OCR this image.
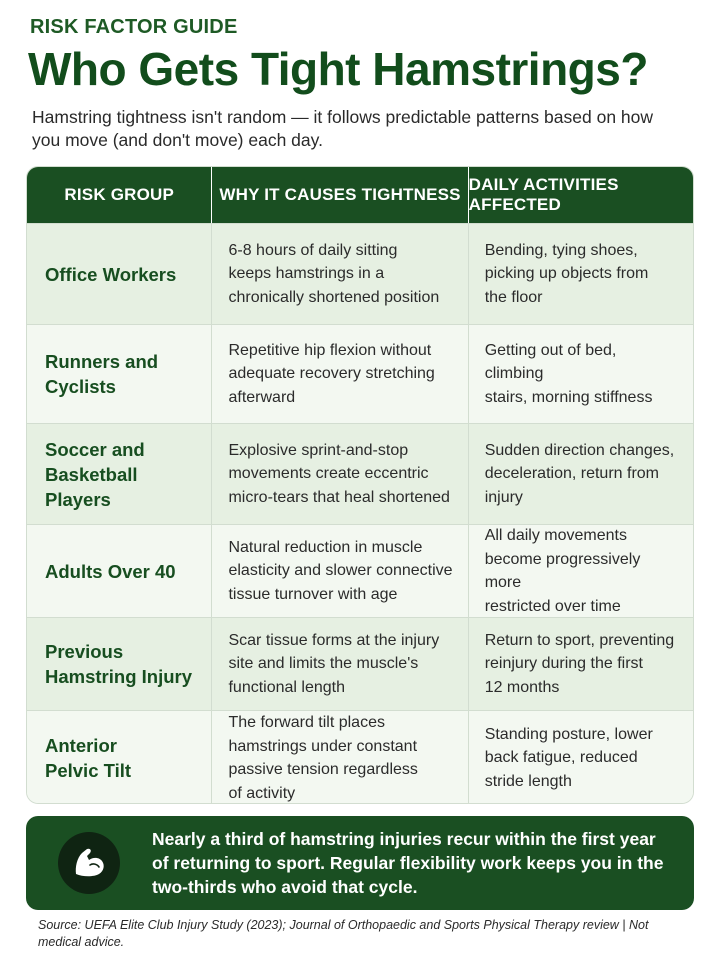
RISK FACTOR GUIDE
Who Gets Tight Hamstrings?

Hamstring tightness isn't random — it follows predictable patterns based on how you move (and don't move) each day.

RISK GROUP	WHY IT CAUSES TIGHTNESS
DAILY ACTIVITIES AFFECTED
Office Workers
6-8 hours of daily sitting
keeps hamstrings in a
chronically shortened position
Bending, tying shoes,
picking up objects from
the floor
Runners and Cyclists
Repetitive hip flexion without
adequate recovery stretching
afterward
Getting out of bed, climbing
stairs, morning stiffness
Soccer and
Basketball Players
Explosive sprint-and-stop
movements create eccentric
micro-tears that heal shortened
Sudden direction changes,
deceleration, return from
injury
Adults Over 40
Natural reduction in muscle
elasticity and slower connective
tissue turnover with age
All daily movements
become progressively more
restricted over time
Previous
Hamstring Injury
Scar tissue forms at the injury
site and limits the muscle's
functional length
Return to sport, preventing
reinjury during the first
12 months
Anterior
Pelvic Tilt
The forward tilt places
hamstrings under constant
passive tension regardless
of activity
Standing posture, lower
back fatigue, reduced
stride length
Nearly a third of hamstring injuries recur within the first year of returning to sport. Regular flexibility work keeps you in the two-thirds who avoid that cycle.
Source: UEFA Elite Club Injury Study (2023); Journal of Orthopaedic and Sports Physical Therapy review | Not medical advice.
